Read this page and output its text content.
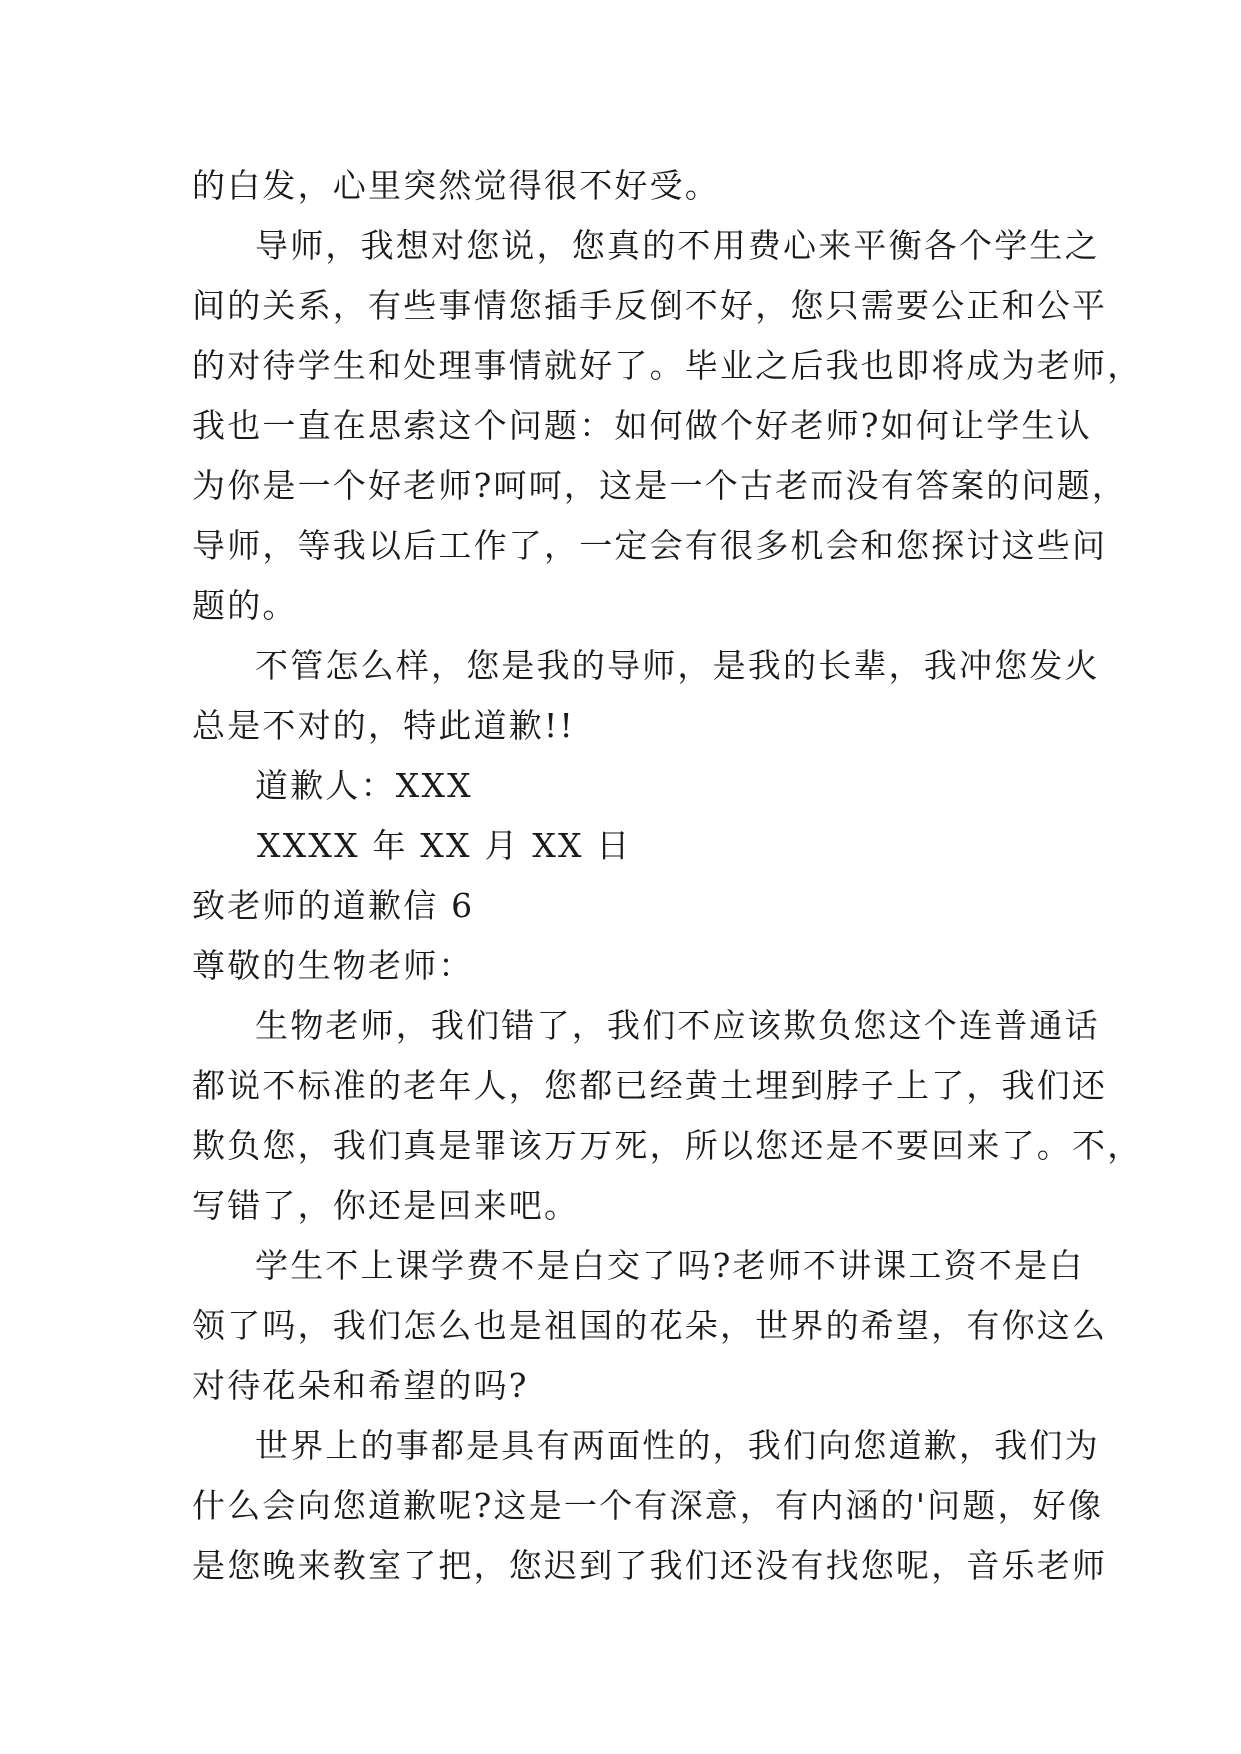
的白发，心里突然觉得很不好受。
导师，我想对您说，您真的不用费心来平衡各个学生之
间的关系，有些事情您插手反倒不好，您只需要公正和公平
的对待学生和处理事情就好了。毕业之后我也即将成为老师，
我也一直在思索这个问题：如何做个好老师?如何让学生认
为你是一个好老师?呵呵，这是一个古老而没有答案的问题，
导师，等我以后工作了，一定会有很多机会和您探讨这些问
题的。
不管怎么样，您是我的导师，是我的长辈，我冲您发火
总是不对的，特此道歉!!
道歉人：XXX
XXXX 年 XX 月 XX 日
致老师的道歉信 6
尊敬的生物老师：
生物老师，我们错了，我们不应该欺负您这个连普通话
都说不标准的老年人，您都已经黄土埋到脖子上了，我们还
欺负您，我们真是罪该万万死，所以您还是不要回来了。不，
写错了，你还是回来吧。
学生不上课学费不是白交了吗?老师不讲课工资不是白
领了吗，我们怎么也是祖国的花朵，世界的希望，有你这么
对待花朵和希望的吗?
世界上的事都是具有两面性的，我们向您道歉，我们为
什么会向您道歉呢?这是一个有深意，有内涵的'问题，好像
是您晚来教室了把，您迟到了我们还没有找您呢，音乐老师
